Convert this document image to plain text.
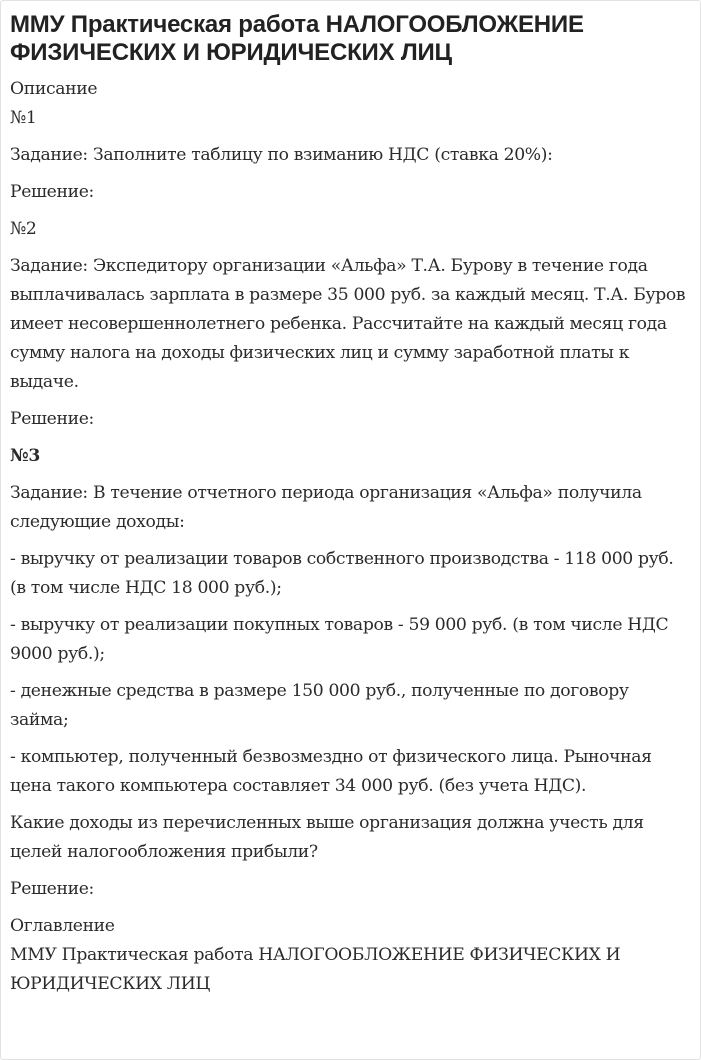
ММУ Практическая работа НАЛОГООБЛОЖЕНИЕ ФИЗИЧЕСКИХ И ЮРИДИЧЕСКИХ ЛИЦ
Описание

№1

Задание: Заполните таблицу по взиманию НДС (ставка 20%):

Решение:

№2

Задание: Экспедитору организации «Альфа» Т.А. Бурову в течение года выплачивалась зарплата в размере 35 000 руб. за каждый месяц. Т.А. Буров имеет несовершеннолетнего ребенка. Рассчитайте на каждый месяц года сумму налога на доходы физических лиц и сумму заработной платы к выдаче.

Решение:

№3

Задание: В течение отчетного периода организация «Альфа» получила следующие доходы:

- выручку от реализации товаров собственного производства - 118 000 руб. (в том числе НДС 18 000 руб.);

- выручку от реализации покупных товаров - 59 000 руб. (в том числе НДС 9000 руб.);

- денежные средства в размере 150 000 руб., полученные по договору займа;

- компьютер, полученный безвозмездно от физического лица. Рыночная цена такого компьютера составляет 34 000 руб. (без учета НДС).

Какие доходы из перечисленных выше организация должна учесть для целей налогообложения прибыли?

Решение:

Оглавление
ММУ Практическая работа НАЛОГООБЛОЖЕНИЕ ФИЗИЧЕСКИХ И ЮРИДИЧЕСКИХ ЛИЦ
